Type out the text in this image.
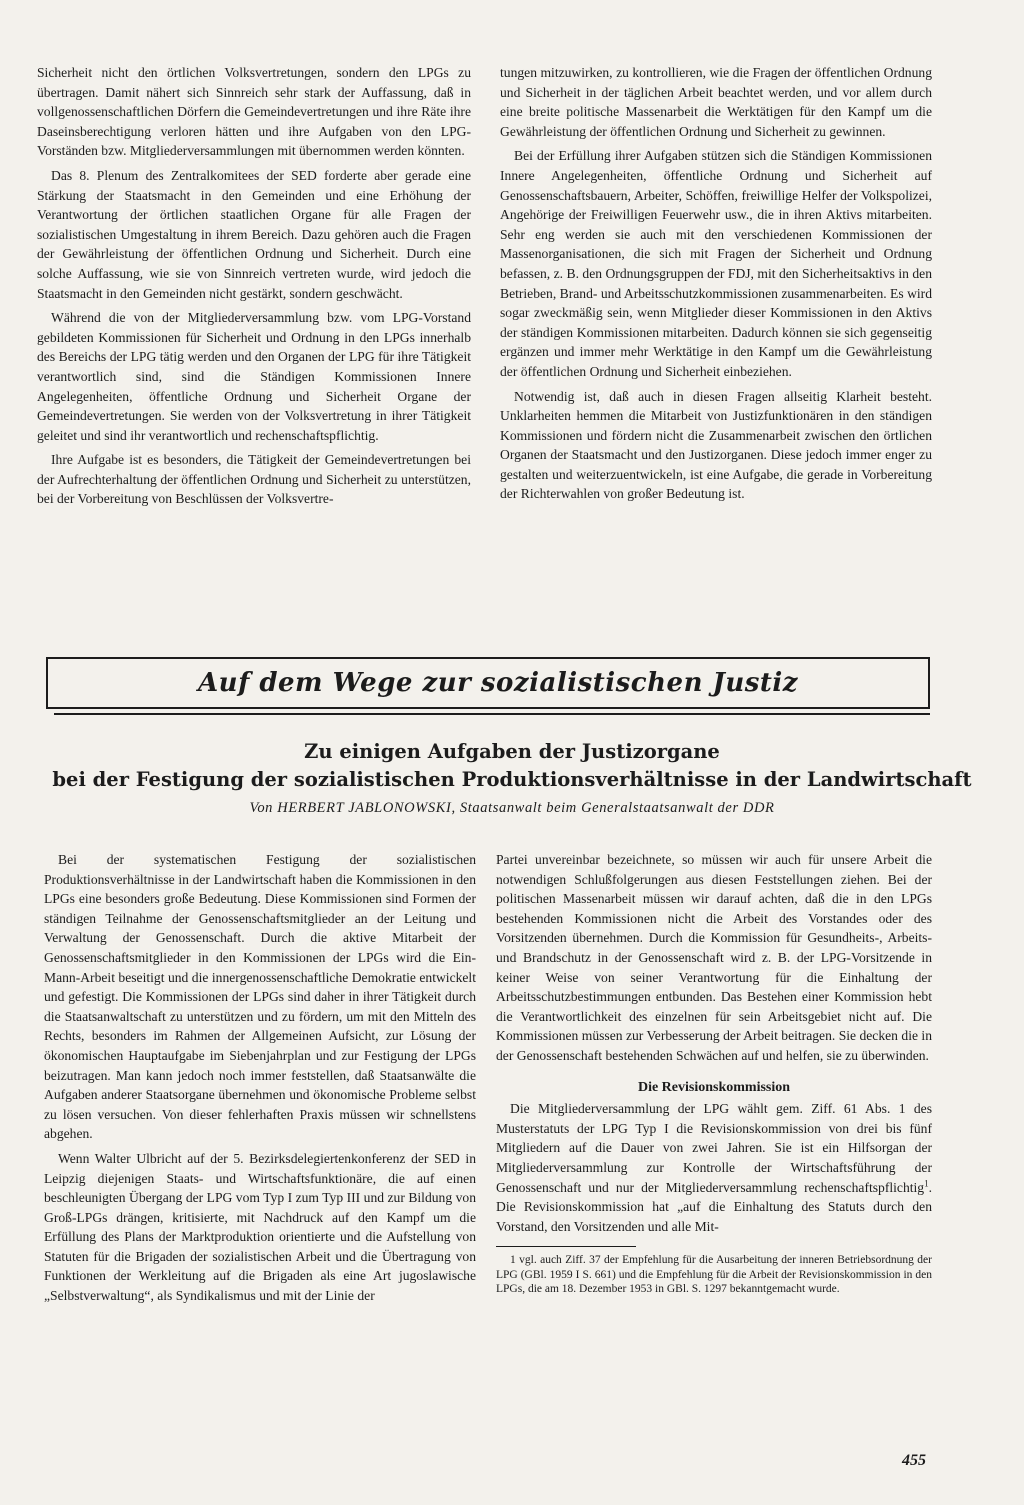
Sicherheit nicht den örtlichen Volksvertretungen, sondern den LPGs zu übertragen. Damit nähert sich Sinnreich sehr stark der Auffassung, daß in vollgenossenschaftlichen Dörfern die Gemeindevertretungen und ihre Räte ihre Daseinsberechtigung verloren hätten und ihre Aufgaben von den LPG-Vorständen bzw. Mitgliederversammlungen mit übernommen werden könnten.

Das 8. Plenum des Zentralkomitees der SED forderte aber gerade eine Stärkung der Staatsmacht in den Gemeinden und eine Erhöhung der Verantwortung der örtlichen staatlichen Organe für alle Fragen der sozialistischen Umgestaltung in ihrem Bereich. Dazu gehören auch die Fragen der Gewährleistung der öffentlichen Ordnung und Sicherheit. Durch eine solche Auffassung, wie sie von Sinnreich vertreten wurde, wird jedoch die Staatsmacht in den Gemeinden nicht gestärkt, sondern geschwächt.

Während die von der Mitgliederversammlung bzw. vom LPG-Vorstand gebildeten Kommissionen für Sicherheit und Ordnung in den LPGs innerhalb des Bereichs der LPG tätig werden und den Organen der LPG für ihre Tätigkeit verantwortlich sind, sind die Ständigen Kommissionen Innere Angelegenheiten, öffentliche Ordnung und Sicherheit Organe der Gemeindevertretungen. Sie werden von der Volksvertretung in ihrer Tätigkeit geleitet und sind ihr verantwortlich und rechenschaftspflichtig.

Ihre Aufgabe ist es besonders, die Tätigkeit der Gemeindevertretungen bei der Aufrechterhaltung der öffentlichen Ordnung und Sicherheit zu unterstützen, bei der Vorbereitung von Beschlüssen der Volksvertre-

tungen mitzuwirken, zu kontrollieren, wie die Fragen der öffentlichen Ordnung und Sicherheit in der täglichen Arbeit beachtet werden, und vor allem durch eine breite politische Massenarbeit die Werktätigen für den Kampf um die Gewährleistung der öffentlichen Ordnung und Sicherheit zu gewinnen.

Bei der Erfüllung ihrer Aufgaben stützen sich die Ständigen Kommissionen Innere Angelegenheiten, öffentliche Ordnung und Sicherheit auf Genossenschaftsbauern, Arbeiter, Schöffen, freiwillige Helfer der Volkspolizei, Angehörige der Freiwilligen Feuerwehr usw., die in ihren Aktivs mitarbeiten. Sehr eng werden sie auch mit den verschiedenen Kommissionen der Massenorganisationen, die sich mit Fragen der Sicherheit und Ordnung befassen, z. B. den Ordnungsgruppen der FDJ, mit den Sicherheitsaktivs in den Betrieben, Brand- und Arbeitsschutzkommissionen zusammenarbeiten. Es wird sogar zweckmäßig sein, wenn Mitglieder dieser Kommissionen in den Aktivs der ständigen Kommissionen mitarbeiten. Dadurch können sie sich gegenseitig ergänzen und immer mehr Werktätige in den Kampf um die Gewährleistung der öffentlichen Ordnung und Sicherheit einbeziehen.

Notwendig ist, daß auch in diesen Fragen allseitig Klarheit besteht. Unklarheiten hemmen die Mitarbeit von Justizfunktionären in den ständigen Kommissionen und fördern nicht die Zusammenarbeit zwischen den örtlichen Organen der Staatsmacht und den Justizorganen. Diese jedoch immer enger zu gestalten und weiterzuentwickeln, ist eine Aufgabe, die gerade in Vorbereitung der Richterwahlen von großer Bedeutung ist.

Auf dem Wege zur sozialistischen Justiz
Zu einigen Aufgaben der Justizorgane
bei der Festigung der sozialistischen Produktionsverhältnisse in der Landwirtschaft
Von HERBERT JABLONOWSKI, Staatsanwalt beim Generalstaatsanwalt der DDR

Bei der systematischen Festigung der sozialistischen Produktionsverhältnisse in der Landwirtschaft haben die Kommissionen in den LPGs eine besonders große Bedeutung. Diese Kommissionen sind Formen der ständigen Teilnahme der Genossenschaftsmitglieder an der Leitung und Verwaltung der Genossenschaft. Durch die aktive Mitarbeit der Genossenschaftsmitglieder in den Kommissionen der LPGs wird die Ein-Mann-Arbeit beseitigt und die innergenossenschaftliche Demokratie entwickelt und gefestigt. Die Kommissionen der LPGs sind daher in ihrer Tätigkeit durch die Staatsanwaltschaft zu unterstützen und zu fördern, um mit den Mitteln des Rechts, besonders im Rahmen der Allgemeinen Aufsicht, zur Lösung der ökonomischen Hauptaufgabe im Siebenjahrplan und zur Festigung der LPGs beizutragen. Man kann jedoch noch immer feststellen, daß Staatsanwälte die Aufgaben anderer Staatsorgane übernehmen und ökonomische Probleme selbst zu lösen versuchen. Von dieser fehlerhaften Praxis müssen wir schnellstens abgehen.

Wenn Walter Ulbricht auf der 5. Bezirksdelegiertenkonferenz der SED in Leipzig diejenigen Staats- und Wirtschaftsfunktionäre, die auf einen beschleunigten Übergang der LPG vom Typ I zum Typ III und zur Bildung von Groß-LPGs drängen, kritisierte, mit Nachdruck auf den Kampf um die Erfüllung des Plans der Marktproduktion orientierte und die Aufstellung von Statuten für die Brigaden der sozialistischen Arbeit und die Übertragung von Funktionen der Werkleitung auf die Brigaden als eine Art jugoslawische „Selbstverwaltung“, als Syndikalismus und mit der Linie der

Partei unvereinbar bezeichnete, so müssen wir auch für unsere Arbeit die notwendigen Schlußfolgerungen aus diesen Feststellungen ziehen. Bei der politischen Massenarbeit müssen wir darauf achten, daß die in den LPGs bestehenden Kommissionen nicht die Arbeit des Vorstandes oder des Vorsitzenden übernehmen. Durch die Kommission für Gesundheits-, Arbeits- und Brandschutz in der Genossenschaft wird z. B. der LPG-Vorsitzende in keiner Weise von seiner Verantwortung für die Einhaltung der Arbeitsschutzbestimmungen entbunden. Das Bestehen einer Kommission hebt die Verantwortlichkeit des einzelnen für sein Arbeitsgebiet nicht auf. Die Kommissionen müssen zur Verbesserung der Arbeit beitragen. Sie decken die in der Genossenschaft bestehenden Schwächen auf und helfen, sie zu überwinden.

Die Revisionskommission

Die Mitgliederversammlung der LPG wählt gem. Ziff. 61 Abs. 1 des Musterstatuts der LPG Typ I die Revisionskommission von drei bis fünf Mitgliedern auf die Dauer von zwei Jahren. Sie ist ein Hilfsorgan der Mitgliederversammlung zur Kontrolle der Wirtschaftsführung der Genossenschaft und nur der Mitgliederversammlung rechenschaftspflichtig$^1$. Die Revisionskommission hat „auf die Einhaltung des Statuts durch den Vorstand, den Vorsitzenden und alle Mit-

1 vgl. auch Ziff. 37 der Empfehlung für die Ausarbeitung der inneren Betriebsordnung der LPG (GBl. 1959 I S. 661) und die Empfehlung für die Arbeit der Revisionskommission in den LPGs, die am 18. Dezember 1953 in GBl. S. 1297 bekanntgemacht wurde.

455
